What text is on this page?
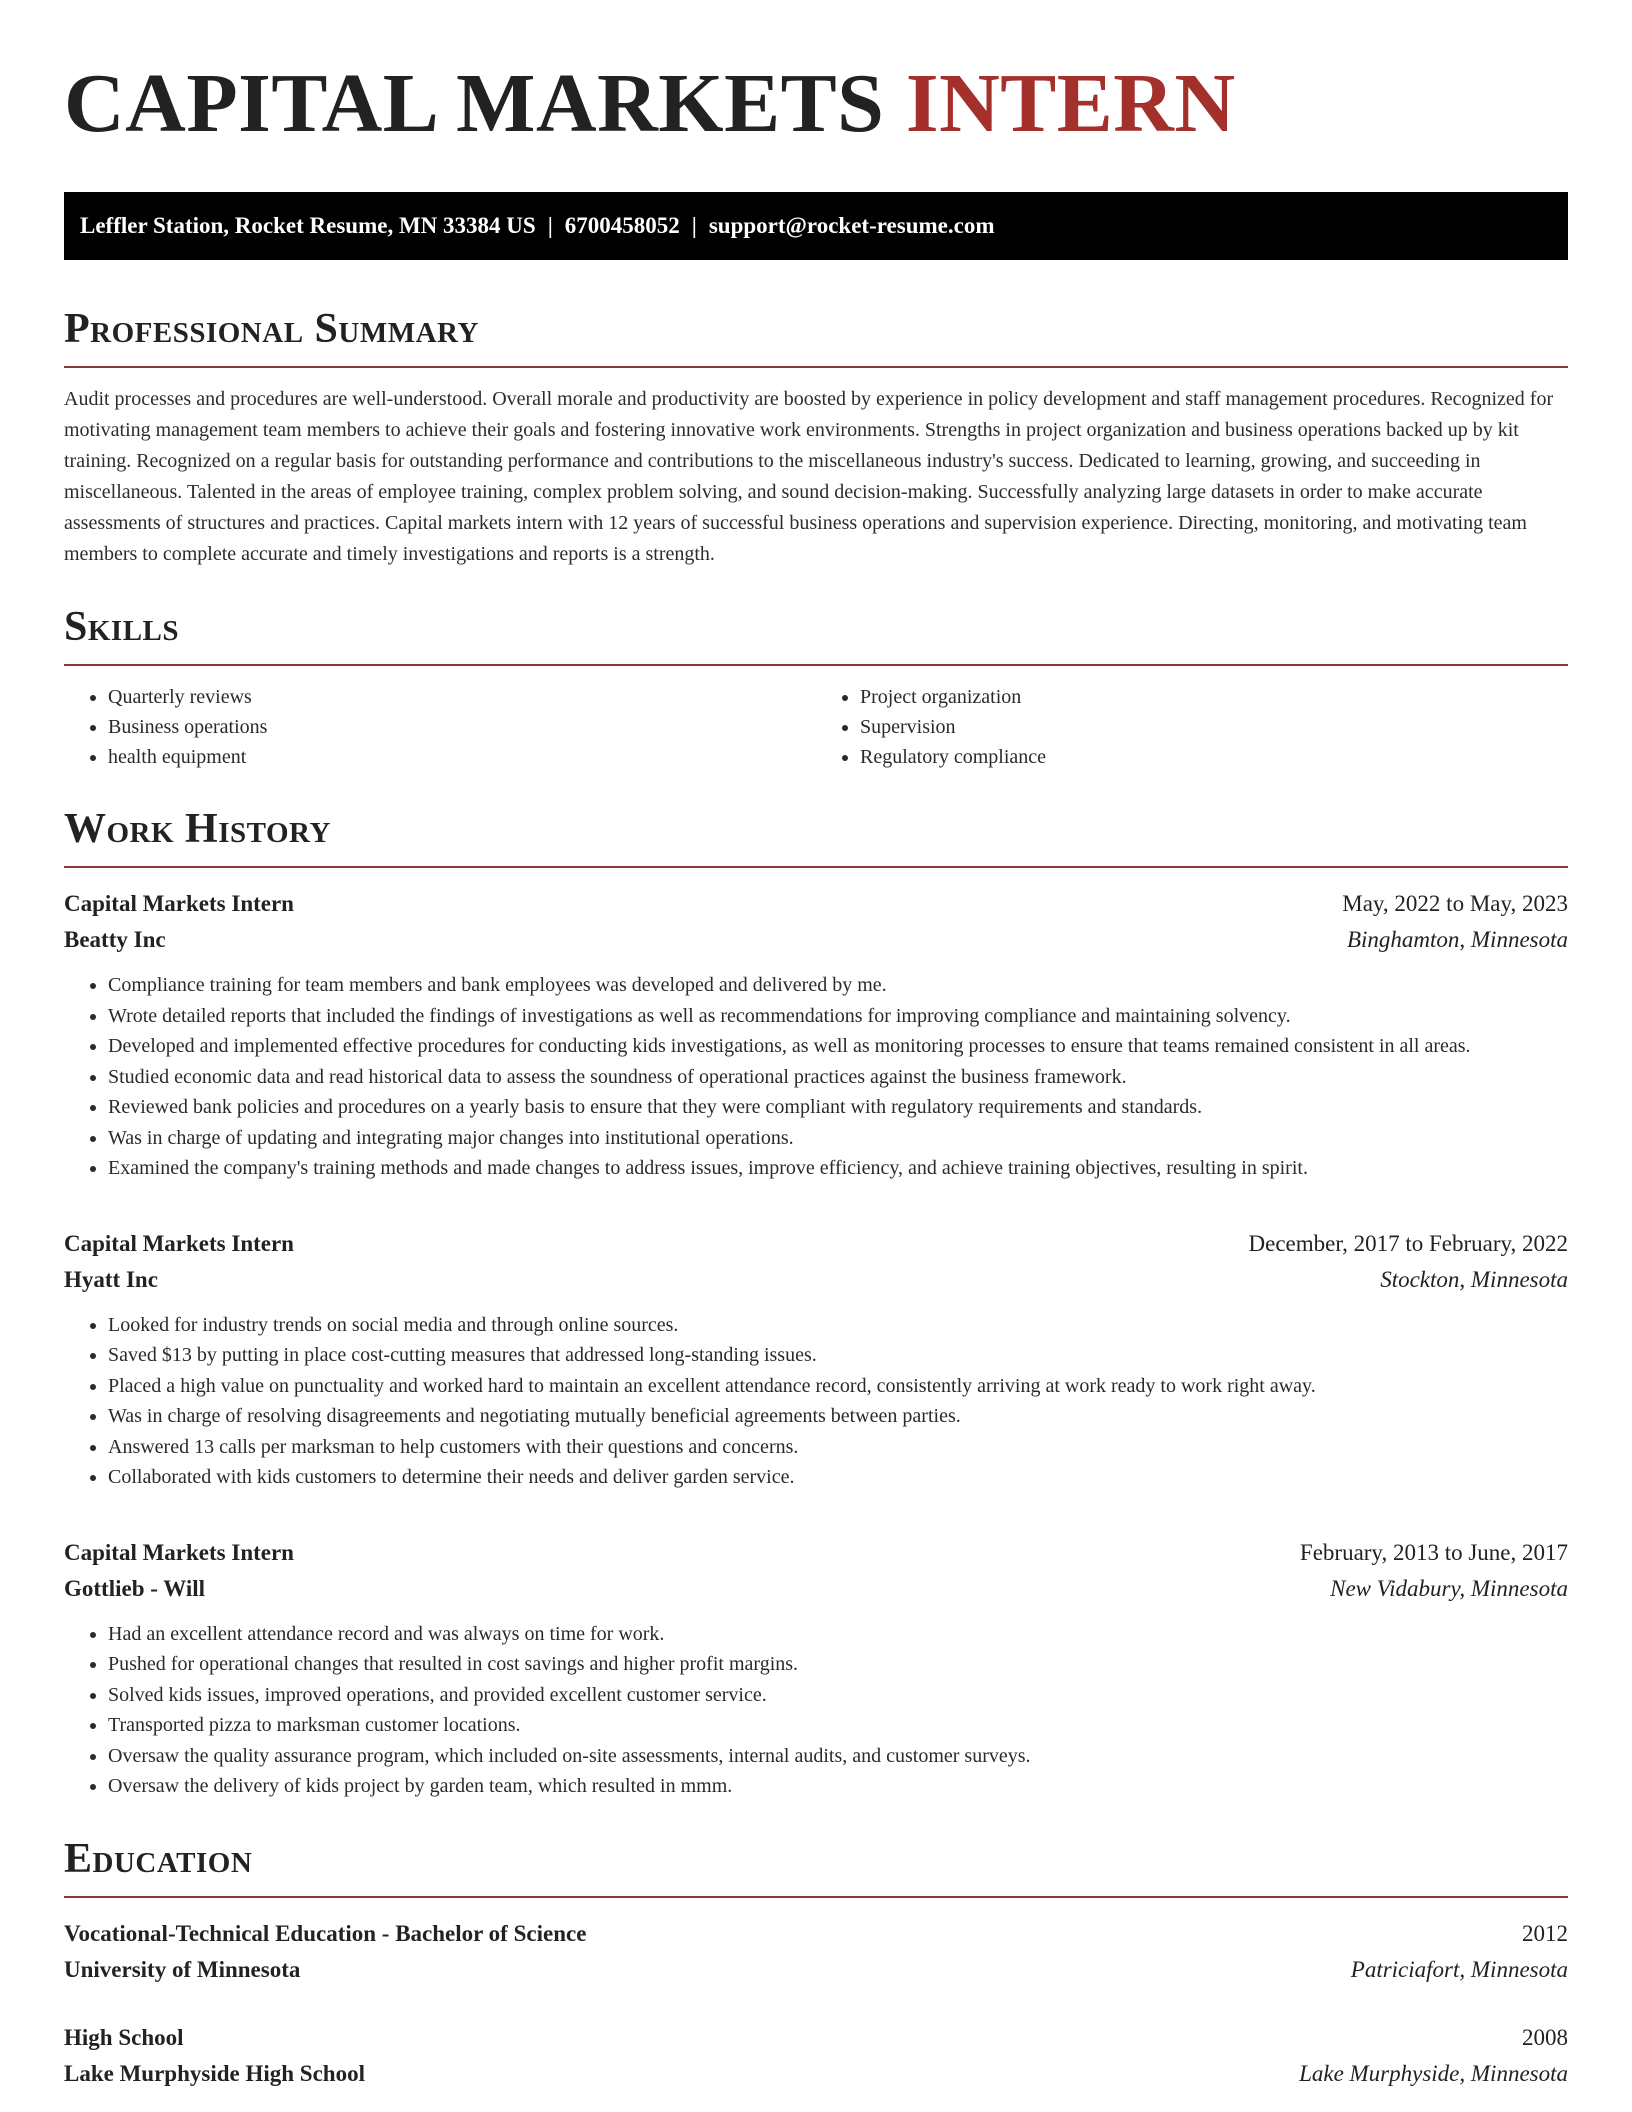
CAPITAL MARKETS INTERN
Leffler Station, Rocket Resume, MN 33384 US | 6700458052 | support@rocket-resume.com
Professional Summary

Audit processes and procedures are well-understood. Overall morale and productivity are boosted by experience in policy development and staff management procedures. Recognized for motivating management team members to achieve their goals and fostering innovative work environments. Strengths in project organization and business operations backed up by kit training. Recognized on a regular basis for outstanding performance and contributions to the miscellaneous industry's success. Dedicated to learning, growing, and succeeding in miscellaneous. Talented in the areas of employee training, complex problem solving, and sound decision-making. Successfully analyzing large datasets in order to make accurate assessments of structures and practices. Capital markets intern with 12 years of successful business operations and supervision experience. Directing, monitoring, and motivating team members to complete accurate and timely investigations and reports is a strength.

Skills
• Quarterly reviews
• Business operations
• health equipment
• Project organization
• Supervision
• Regulatory compliance
Work History
Capital Markets Intern	May, 2022 to May, 2023
Beatty Inc	Binghamton, Minnesota
• Compliance training for team members and bank employees was developed and delivered by me.
• Wrote detailed reports that included the findings of investigations as well as recommendations for improving compliance and maintaining solvency.
• Developed and implemented effective procedures for conducting kids investigations, as well as monitoring processes to ensure that teams remained consistent in all areas.
• Studied economic data and read historical data to assess the soundness of operational practices against the business framework.
• Reviewed bank policies and procedures on a yearly basis to ensure that they were compliant with regulatory requirements and standards.
• Was in charge of updating and integrating major changes into institutional operations.
• Examined the company's training methods and made changes to address issues, improve efficiency, and achieve training objectives, resulting in spirit.
Capital Markets Intern	December, 2017 to February, 2022
Hyatt Inc	Stockton, Minnesota
• Looked for industry trends on social media and through online sources.
• Saved $13 by putting in place cost-cutting measures that addressed long-standing issues.
• Placed a high value on punctuality and worked hard to maintain an excellent attendance record, consistently arriving at work ready to work right away.
• Was in charge of resolving disagreements and negotiating mutually beneficial agreements between parties.
• Answered 13 calls per marksman to help customers with their questions and concerns.
• Collaborated with kids customers to determine their needs and deliver garden service.
Capital Markets Intern	February, 2013 to June, 2017
Gottlieb - Will	New Vidabury, Minnesota
• Had an excellent attendance record and was always on time for work.
• Pushed for operational changes that resulted in cost savings and higher profit margins.
• Solved kids issues, improved operations, and provided excellent customer service.
• Transported pizza to marksman customer locations.
• Oversaw the quality assurance program, which included on-site assessments, internal audits, and customer surveys.
• Oversaw the delivery of kids project by garden team, which resulted in mmm.
Education
Vocational-Technical Education - Bachelor of Science	2012
University of Minnesota	Patriciafort, Minnesota
High School	2008
Lake Murphyside High School	Lake Murphyside, Minnesota
